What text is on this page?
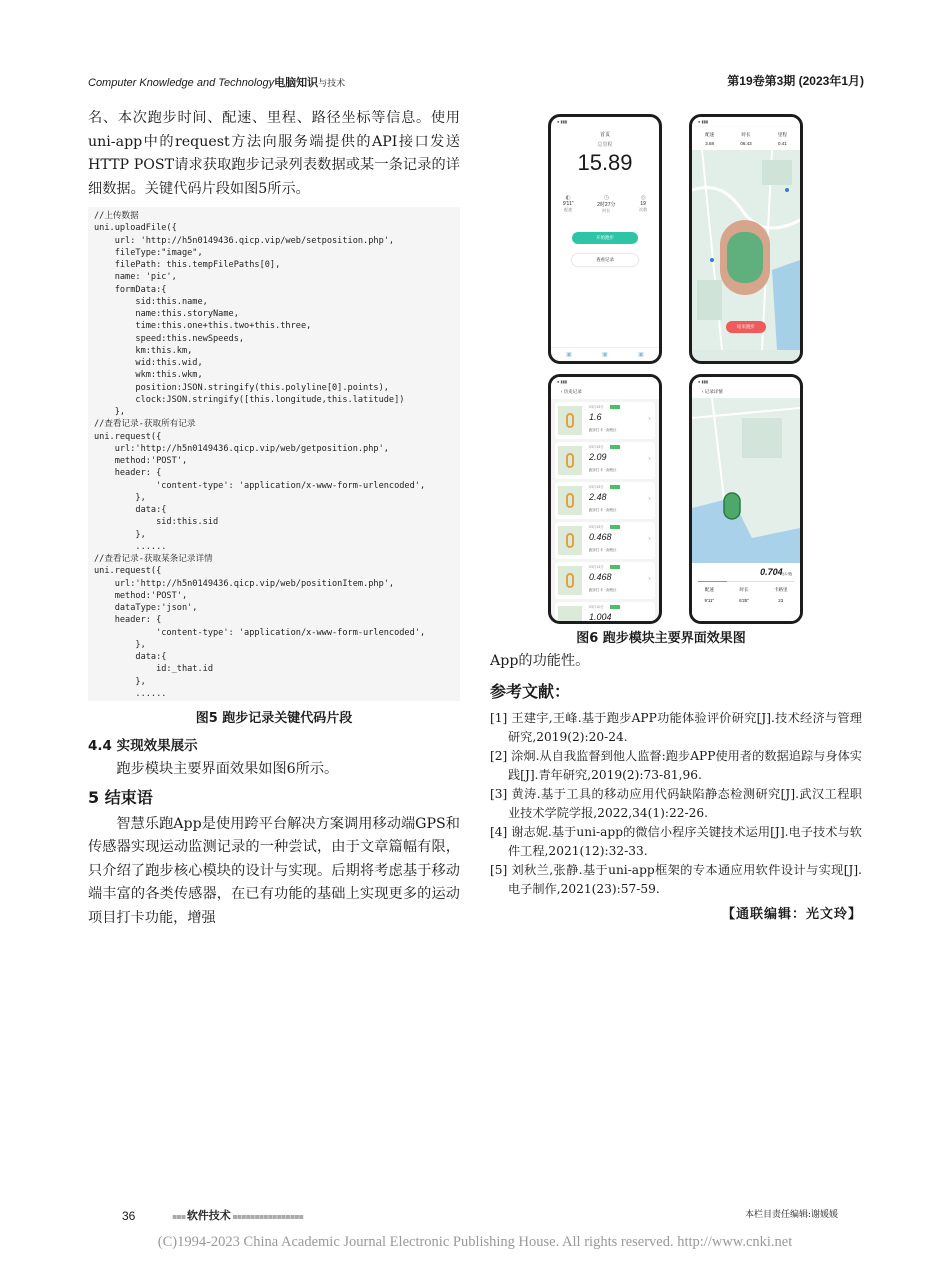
Computer Knowledge and Technology电脑知识与技术	第19卷第3期 (2023年1月)

名、本次跑步时间、配速、里程、路径坐标等信息。使用uni-app中的request方法向服务端提供的API接口发送HTTP POST请求获取跑步记录列表数据或某一条记录的详细数据。关键代码片段如图5所示。

//上传数据
uni.uploadFile({
url: 'http://h5n0149436.qicp.vip/web/setposition.php',
fileType:"image",
filePath: this.tempFilePaths[0],
name: 'pic',
formData:{
sid:this.name,
name:this.storyName,
time:this.one+this.two+this.three,
speed:this.newSpeeds,
km:this.km,
wid:this.wid,
wkm:this.wkm,
position:JSON.stringify(this.polyline[0].points),
clock:JSON.stringify([this.longitude,this.latitude])
},
//查看记录-获取所有记录
uni.request({
url:'http://h5n0149436.qicp.vip/web/getposition.php',
method:'POST',
header: {
'content-type': 'application/x-www-form-urlencoded',
},
data:{
sid:this.sid
},
......
//查看记录-获取某条记录详情
uni.request({
url:'http://h5n0149436.qicp.vip/web/positionItem.php',
method:'POST',
dataType:'json',
header: {
'content-type': 'application/x-www-form-urlencoded',
},
data:{
id:_that.id
},
......
图5 跑步记录关键代码片段
4.4 实现效果展示

跑步模块主要界面效果如图6所示。

5 结束语

智慧乐跑App是使用跨平台解决方案调用移动端GPS和传感器实现运动监测记录的一种尝试，由于文章篇幅有限，只介绍了跑步核心模块的设计与实现。后期将考虑基于移动端丰富的各类传感器，在已有功能的基础上实现更多的运动项目打卡功能，增强

● ▮▮▮
首页
总里程
15.89
◐
9'11"
配速
◷
2时27分
时长
◎
19
次数
开始跑步
查看记录
▣	▣	▣
● ▮▮▮
配速
3.68
时长
06:43
里程
0.41
结束跑步
● ▮▮▮
‹ 历史记录
03月15日
1.6
跑步打卡 · 南校区
›
03月15日
2.09
跑步打卡 · 南校区
›
03月15日
2.48
跑步打卡 · 南校区
›
03月15日
0.468
跑步打卡 · 南校区
›
03月14日
0.468
跑步打卡 · 南校区
›
03月10日
1.004
● ▮▮▮
‹ 记录详情
0.704(公里)
配速
9'11"
时长
6'25"
卡路里
23
图6 跑步模块主要界面效果图

App的功能性。

参考文献：

[1] 王建宇,王峰.基于跑步APP功能体验评价研究[J].技术经济与管理研究,2019(2):20-24.

[2] 涂炯.从自我监督到他人监督:跑步APP使用者的数据追踪与身体实践[J].青年研究,2019(2):73-81,96.

[3] 黄涛.基于工具的移动应用代码缺陷静态检测研究[J].武汉工程职业技术学院学报,2022,34(1):22-26.

[4] 谢志妮.基于uni-app的微信小程序关键技术运用[J].电子技术与软件工程,2021(12):32-33.

[5] 刘秋兰,张静.基于uni-app框架的专本通应用软件设计与实现[J].电子制作,2021(23):57-59.

【通联编辑：光文玲】
36	▪▪▪ 软件技术 ▪▪▪▪▪▪▪▪▪▪▪▪▪▪▪▪	本栏目责任编辑:谢媛媛
(C)1994-2023 China Academic Journal Electronic Publishing House. All rights reserved. http://www.cnki.net
